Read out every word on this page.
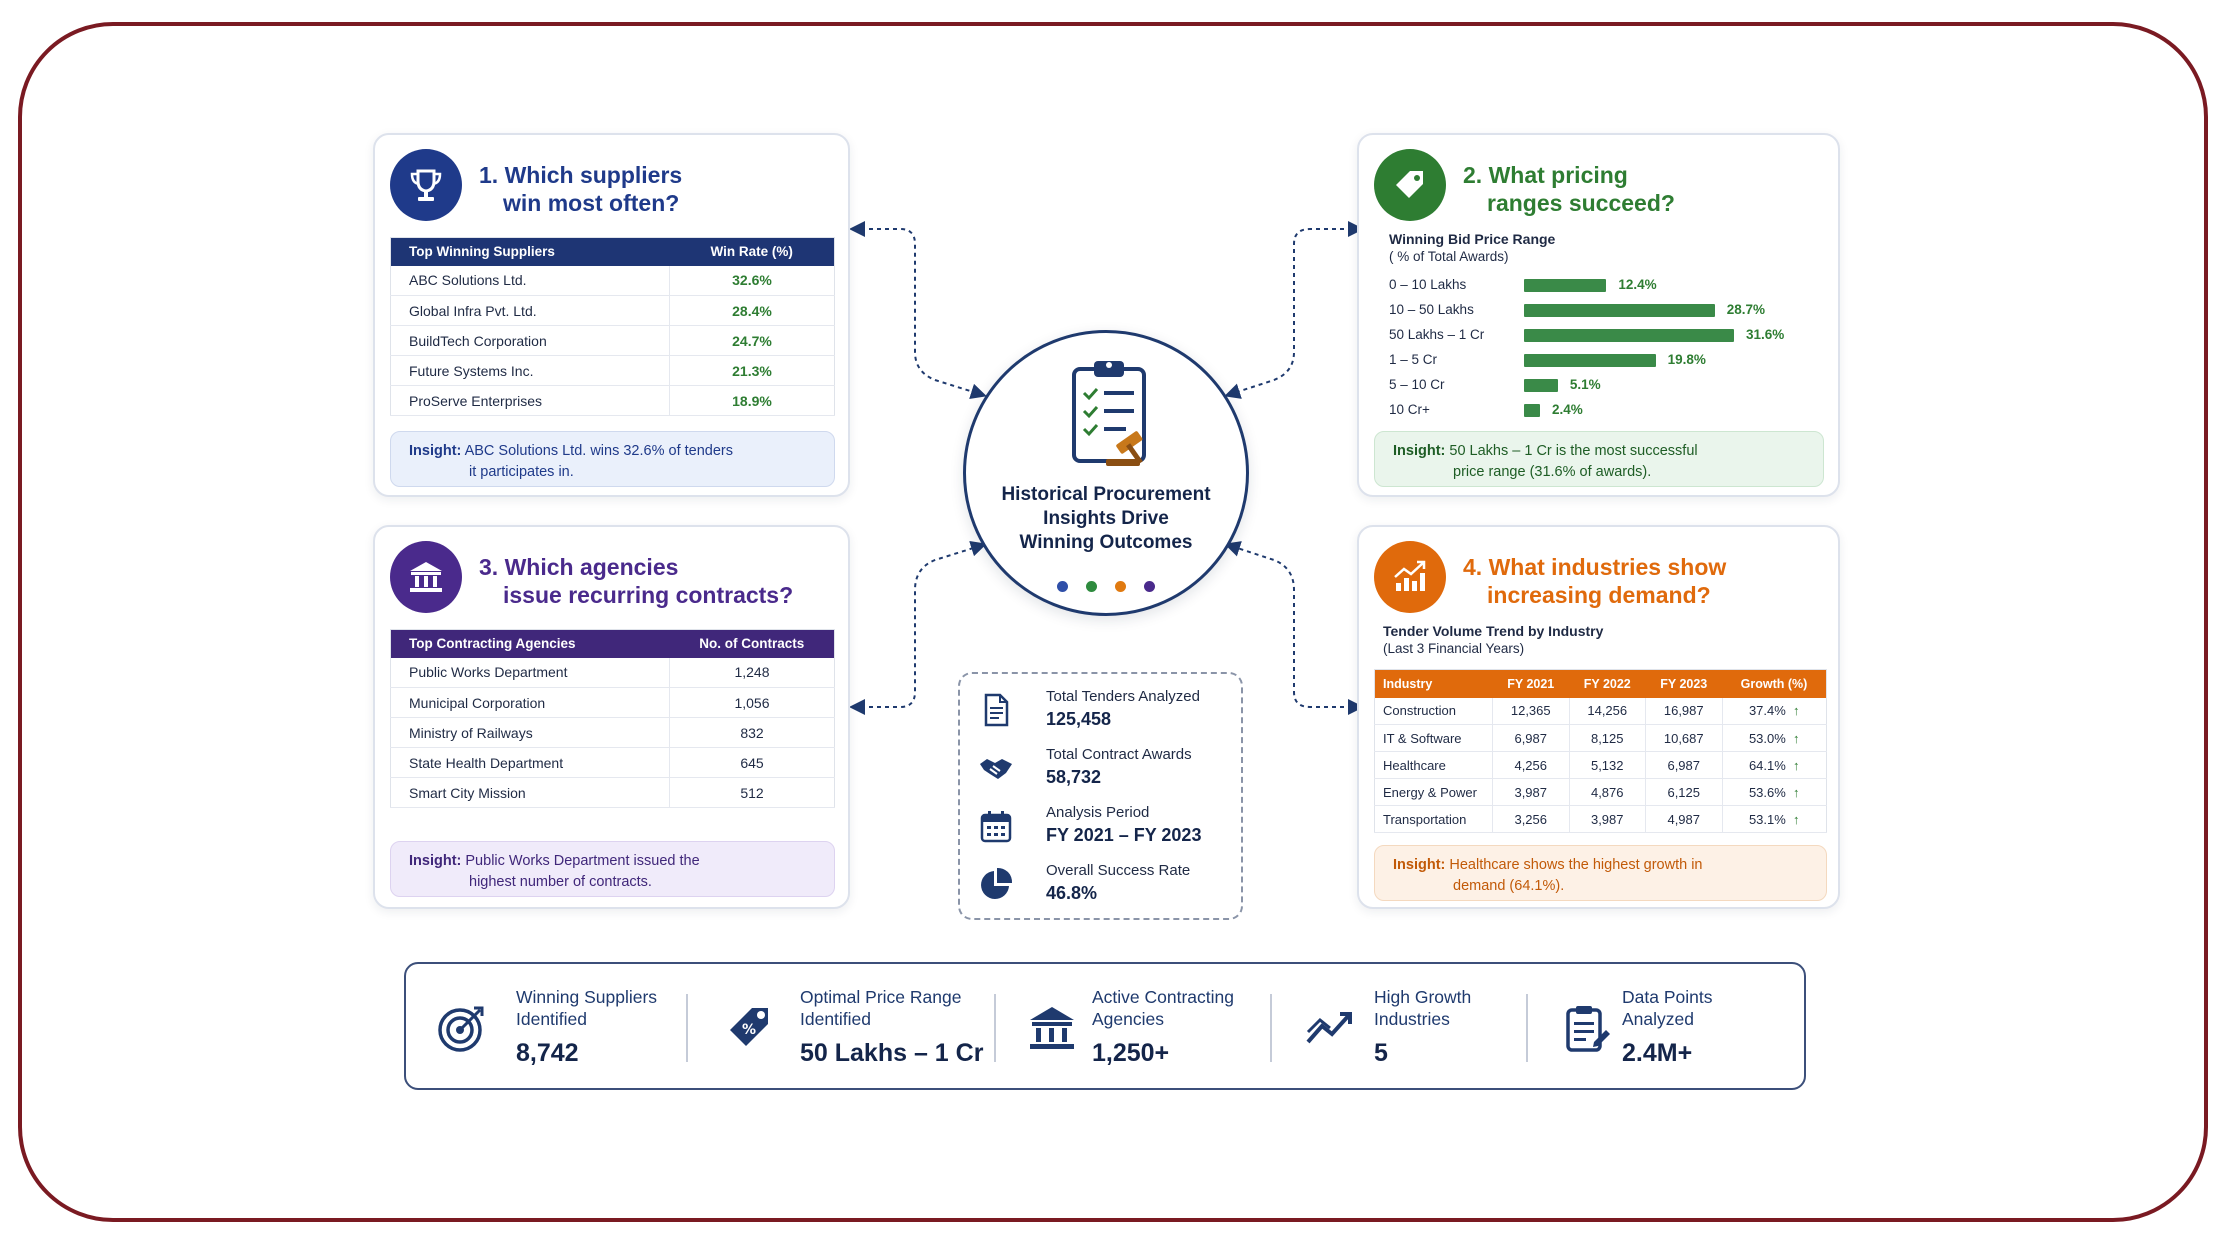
1. Which suppliers
win most often?
Top Winning Suppliers	Win Rate (%)
ABC Solutions Ltd.	32.6%
Global Infra Pvt. Ltd.	28.4%
BuildTech Corporation	24.7%
Future Systems Inc.	21.3%
ProServe Enterprises	18.9%
Insight: ABC Solutions Ltd. wins 32.6% of tenders
it participates in.
2. What pricing
ranges succeed?
Winning Bid Price Range
( % of Total Awards)
0 – 10 Lakhs	12.4%
10 – 50 Lakhs	28.7%
50 Lakhs – 1 Cr	31.6%
1 – 5 Cr	19.8%
5 – 10 Cr	5.1%
10 Cr+	2.4%
Insight: 50 Lakhs – 1 Cr is the most successful
price range (31.6% of awards).
3. Which agencies
issue recurring contracts?
Top Contracting Agencies	No. of Contracts
Public Works Department	1,248
Municipal Corporation	1,056
Ministry of Railways	832
State Health Department	645
Smart City Mission	512
Insight: Public Works Department issued the
highest number of contracts.
4. What industries show
increasing demand?
Tender Volume Trend by Industry
(Last 3 Financial Years)
Industry	FY 2021	FY 2022	FY 2023	Growth (%)
Construction	12,365	14,256	16,987	37.4% ↑
IT & Software	6,987	8,125	10,687	53.0% ↑
Healthcare	4,256	5,132	6,987	64.1% ↑
Energy & Power	3,987	4,876	6,125	53.6% ↑
Transportation	3,256	3,987	4,987	53.1% ↑
Insight: Healthcare shows the highest growth in
demand (64.1%).
Historical Procurement
Insights Drive
Winning Outcomes
Total Tenders Analyzed
125,458
Total Contract Awards
58,732
Analysis Period
FY 2021 – FY 2023
Overall Success Rate
46.8%
Winning Suppliers
Identified
8,742
%
Optimal Price Range
Identified
50 Lakhs – 1 Cr
Active Contracting
Agencies
1,250+
High Growth
Industries
5
Data Points
Analyzed
2.4M+
